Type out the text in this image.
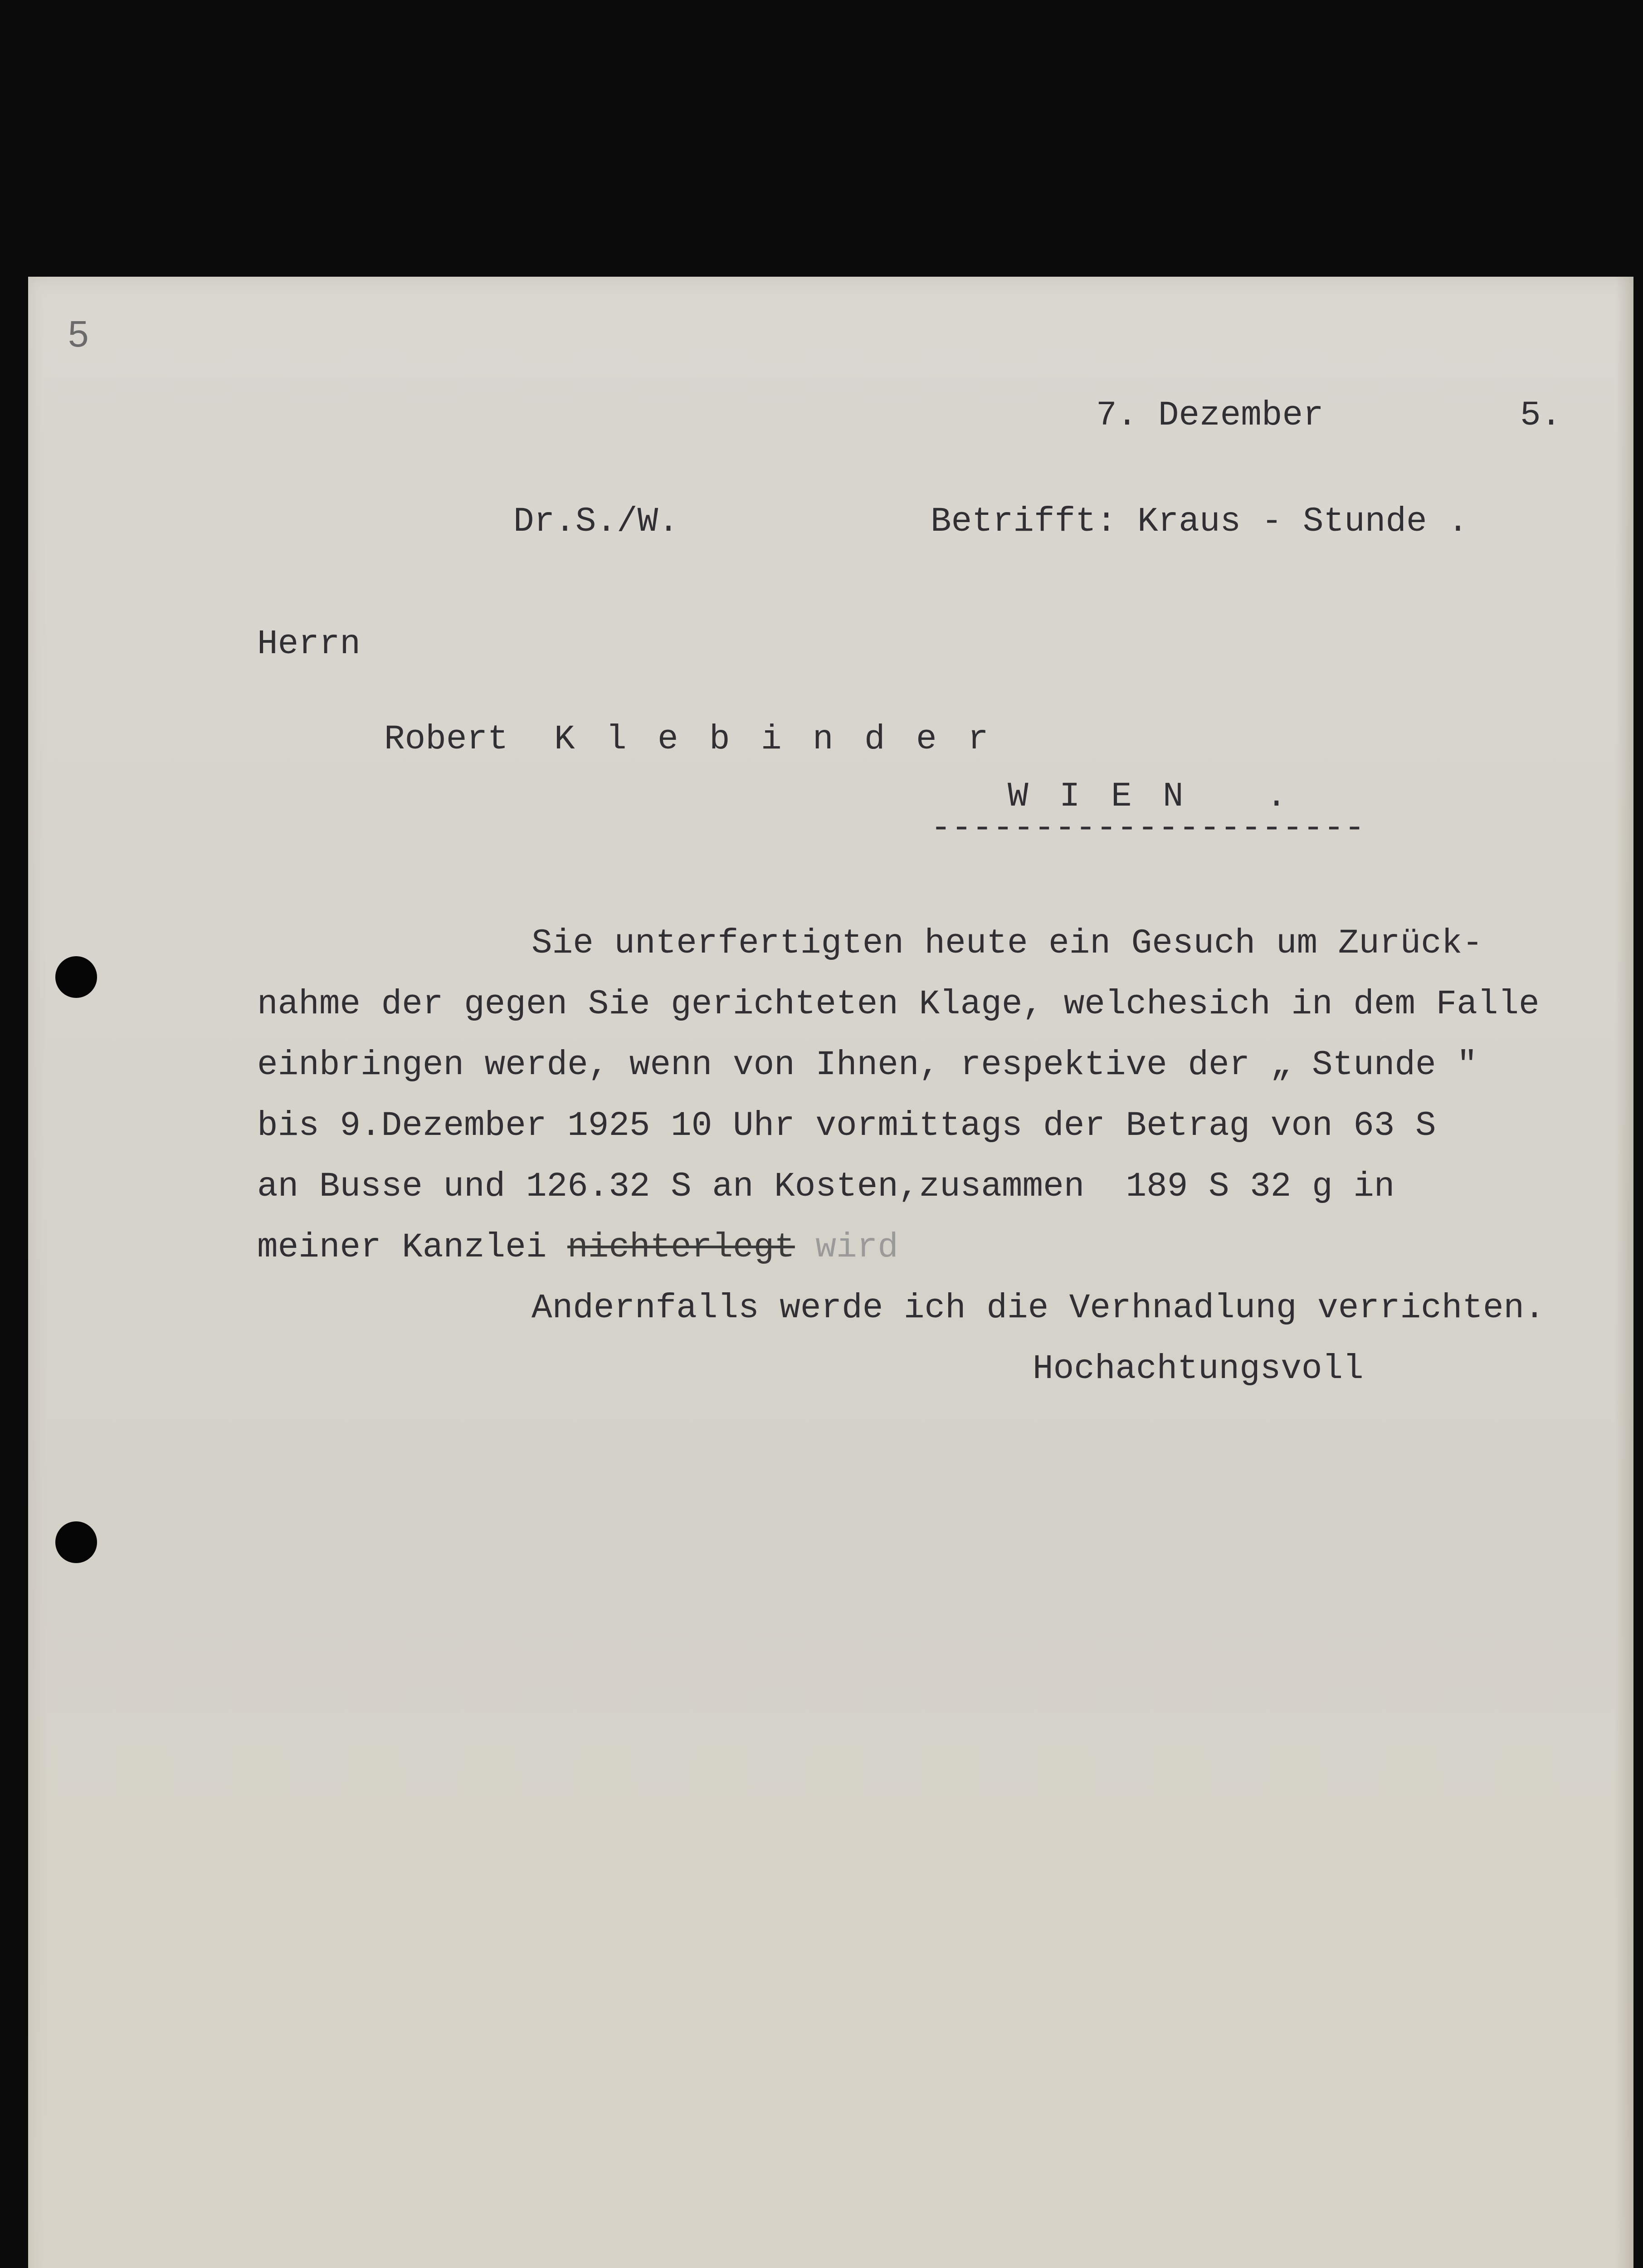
5
7. Dezember	5.
Dr.S./W.	Betrifft: Kraus - Stunde .
Herrn
Robert Klebinder
WIEN .
---------------------
Sie unterfertigten heute ein Gesuch um Zurück-
nahme der gegen Sie gerichteten Klage, welchesich in dem Falle
einbringen werde, wenn von Ihnen, respektive der „ Stunde "
bis 9.Dezember 1925 10 Uhr vormittags der Betrag von 63 S
an Busse und 126.32 S an Kosten,zusammen  189 S 32 g in
meiner Kanzlei nichterlegt wird
Andernfalls werde ich die Verhnadlung verrichten.
Hochachtungsvoll
